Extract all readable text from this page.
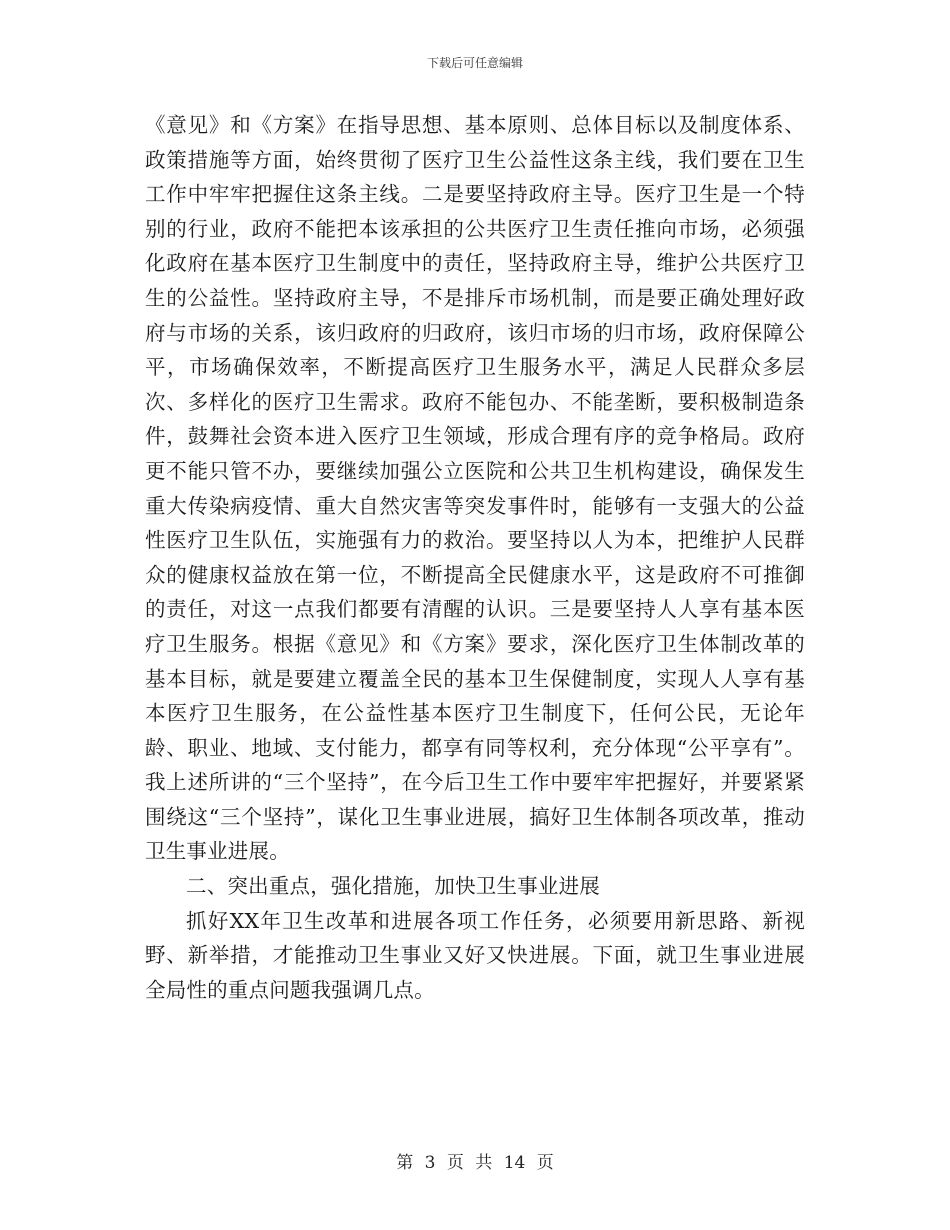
下载后可任意编辑

《意见》和《方案》在指导思想、基本原则、总体目标以及制度体系、政策措施等方面，始终贯彻了医疗卫生公益性这条主线，我们要在卫生工作中牢牢把握住这条主线。二是要坚持政府主导。医疗卫生是一个特别的行业，政府不能把本该承担的公共医疗卫生责任推向市场，必须强化政府在基本医疗卫生制度中的责任，坚持政府主导，维护公共医疗卫生的公益性。坚持政府主导，不是排斥市场机制，而是要正确处理好政府与市场的关系，该归政府的归政府，该归市场的归市场，政府保障公平，市场确保效率，不断提高医疗卫生服务水平，满足人民群众多层次、多样化的医疗卫生需求。政府不能包办、不能垄断，要积极制造条件，鼓舞社会资本进入医疗卫生领域，形成合理有序的竞争格局。政府更不能只管不办，要继续加强公立医院和公共卫生机构建设，确保发生重大传染病疫情、重大自然灾害等突发事件时，能够有一支强大的公益性医疗卫生队伍，实施强有力的救治。要坚持以人为本，把维护人民群众的健康权益放在第一位，不断提高全民健康水平，这是政府不可推御的责任，对这一点我们都要有清醒的认识。三是要坚持人人享有基本医疗卫生服务。根据《意见》和《方案》要求，深化医疗卫生体制改革的基本目标，就是要建立覆盖全民的基本卫生保健制度，实现人人享有基本医疗卫生服务，在公益性基本医疗卫生制度下，任何公民，无论年龄、职业、地域、支付能力，都享有同等权利，充分体现“公平享有”。我上述所讲的“三个坚持”，在今后卫生工作中要牢牢把握好，并要紧紧围绕这“三个坚持”，谋化卫生事业进展，搞好卫生体制各项改革，推动卫生事业进展。

二、突出重点，强化措施，加快卫生事业进展

抓好XX年卫生改革和进展各项工作任务，必须要用新思路、新视野、新举措，才能推动卫生事业又好又快进展。下面，就卫生事业进展全局性的重点问题我强调几点。

第 3 页 共 14 页
